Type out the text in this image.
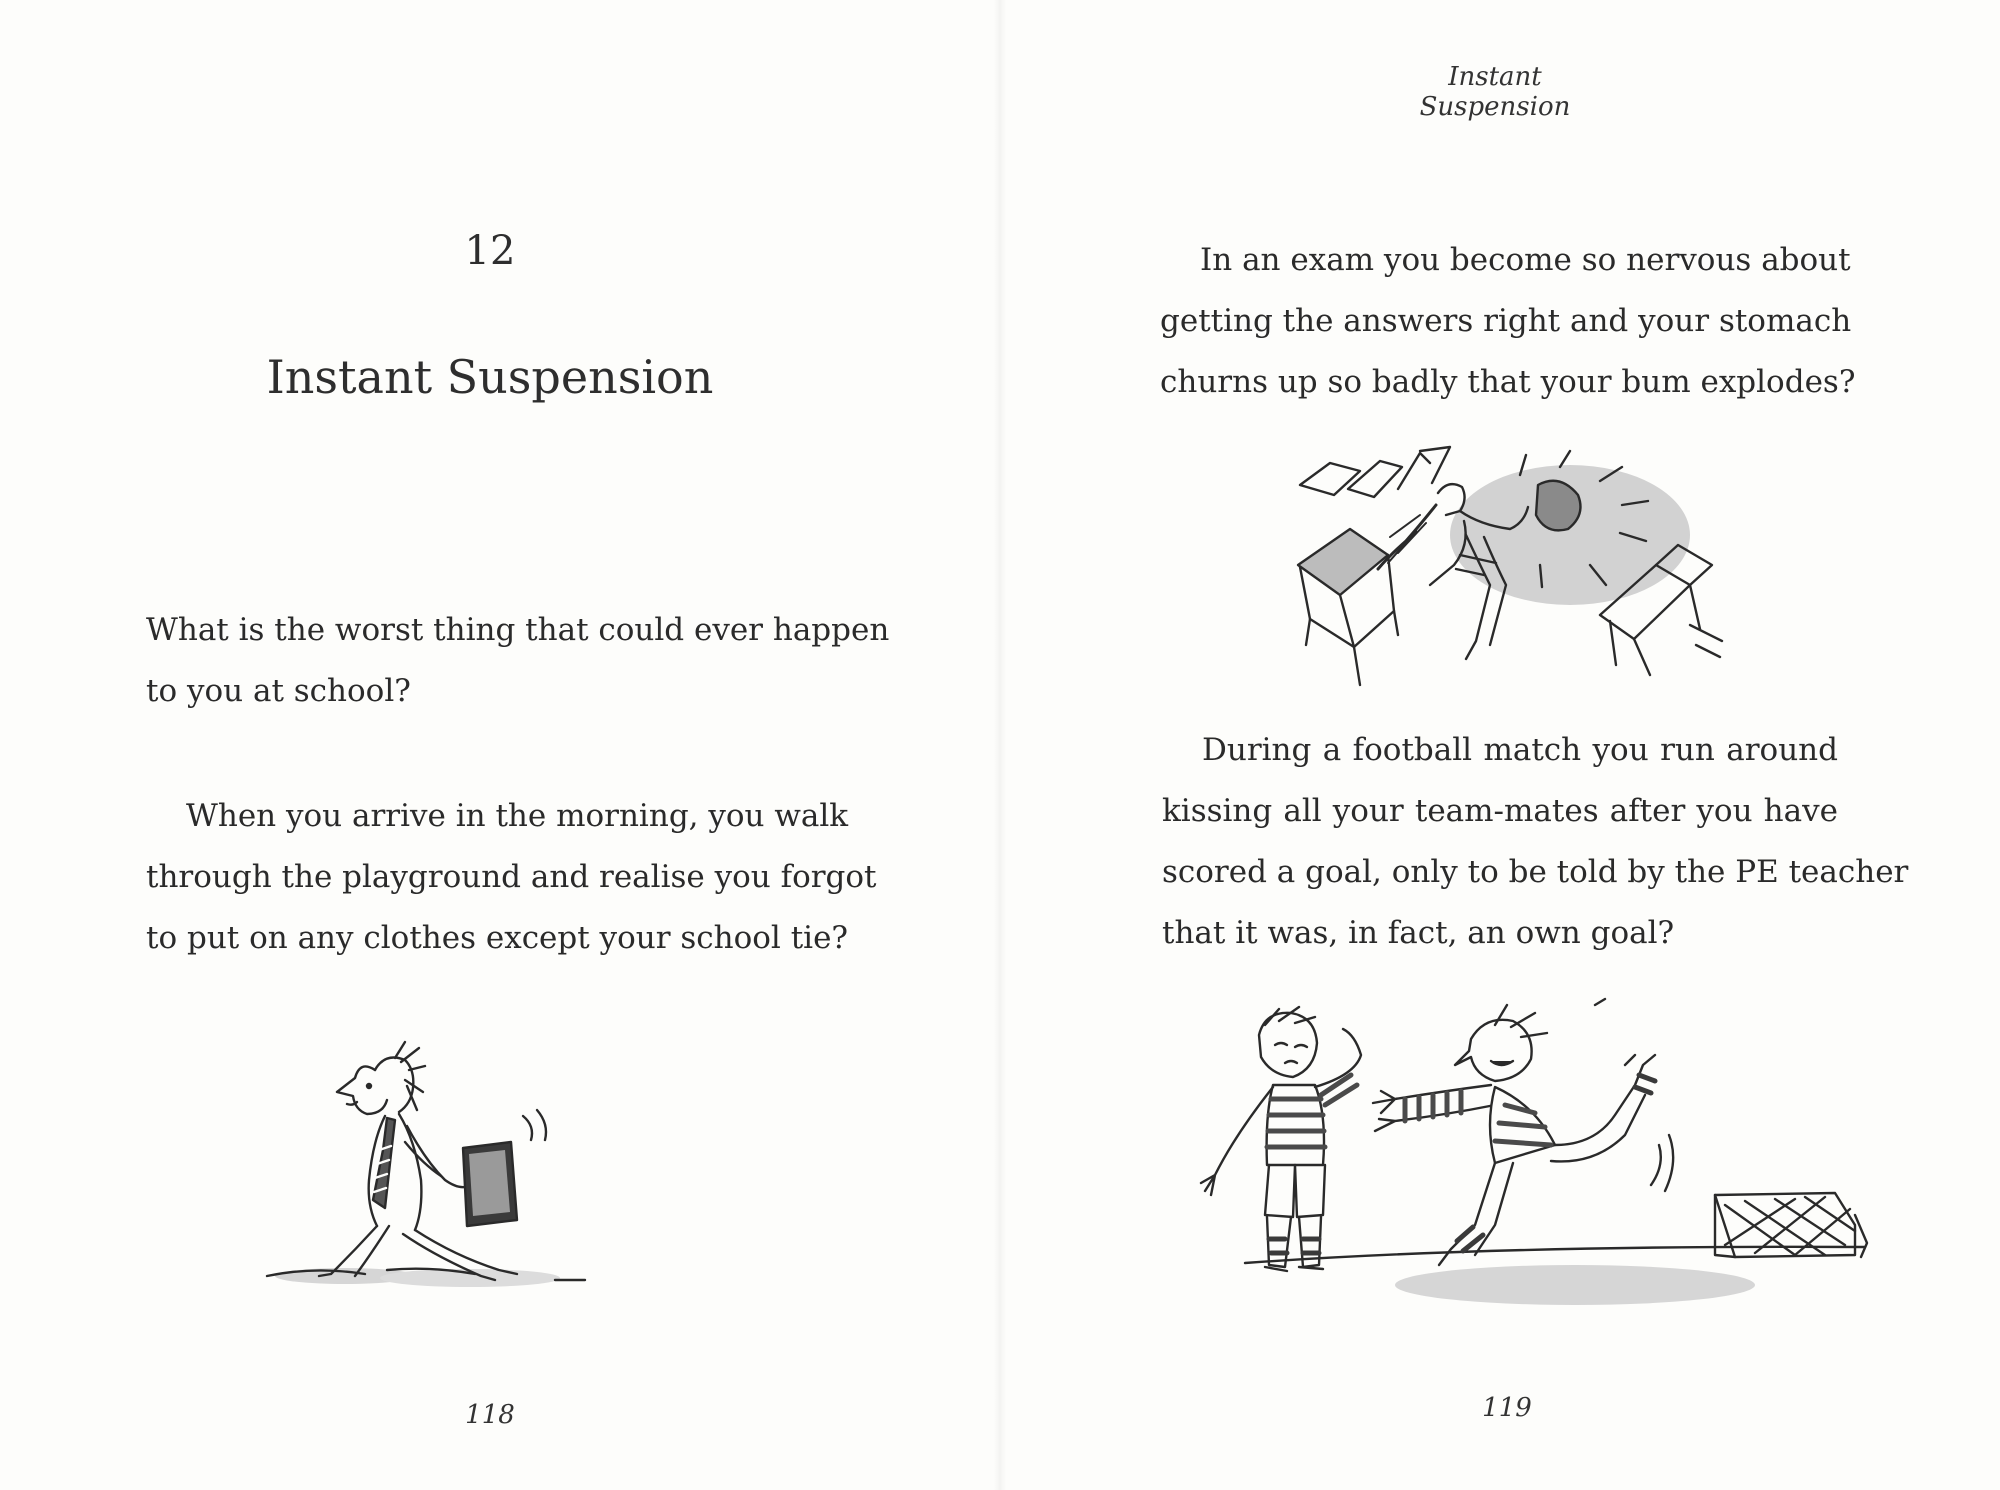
12
Instant Suspension
What is the worst thing that could ever happen
to you at school?
When you arrive in the morning, you walk
through the playground and realise you forgot
to put on any clothes except your school tie?
118
Instant Suspension
In an exam you become so nervous about
getting the answers right and your stomach
churns up so badly that your bum explodes?
During a football match you run around
kissing all your team-mates after you have
scored a goal, only to be told by the PE teacher
that it was, in fact, an own goal?
119
